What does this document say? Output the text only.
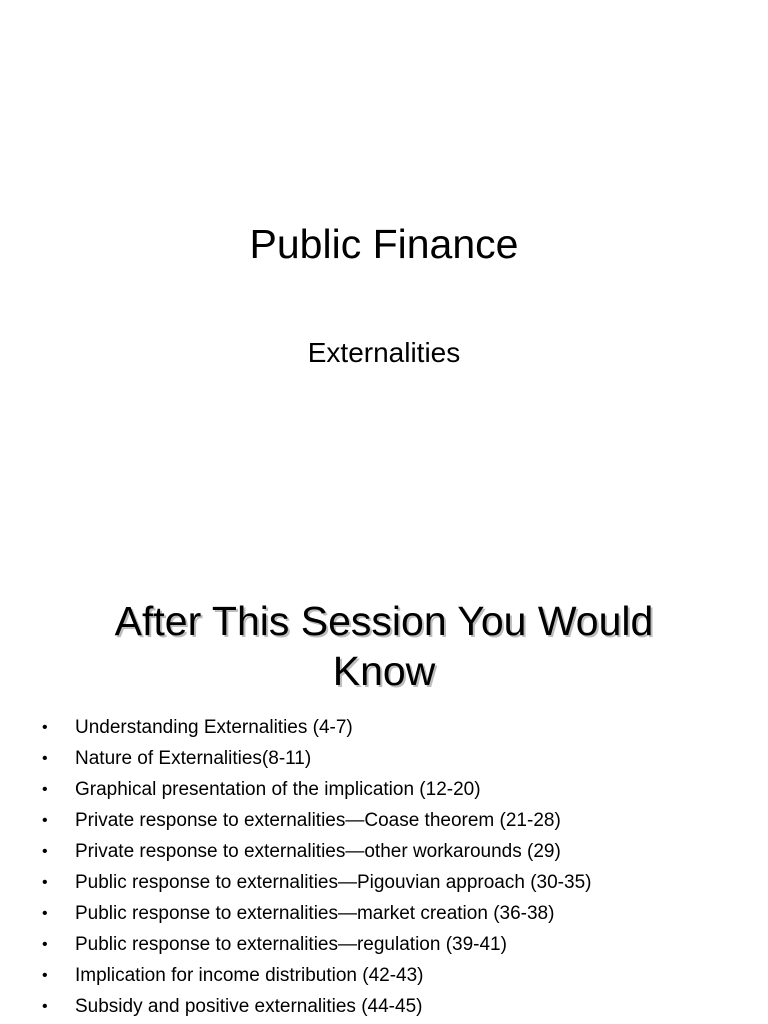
Public Finance
Externalities
After This Session You Would
Know
• Understanding Externalities (4-7)
• Nature of Externalities(8-11)
• Graphical presentation of the implication (12-20)
• Private response to externalities—Coase theorem (21-28)
• Private response to externalities—other workarounds (29)
• Public response to externalities—Pigouvian approach (30-35)
• Public response to externalities—market creation (36-38)
• Public response to externalities—regulation (39-41)
• Implication for income distribution (42-43)
• Subsidy and positive externalities (44-45)
